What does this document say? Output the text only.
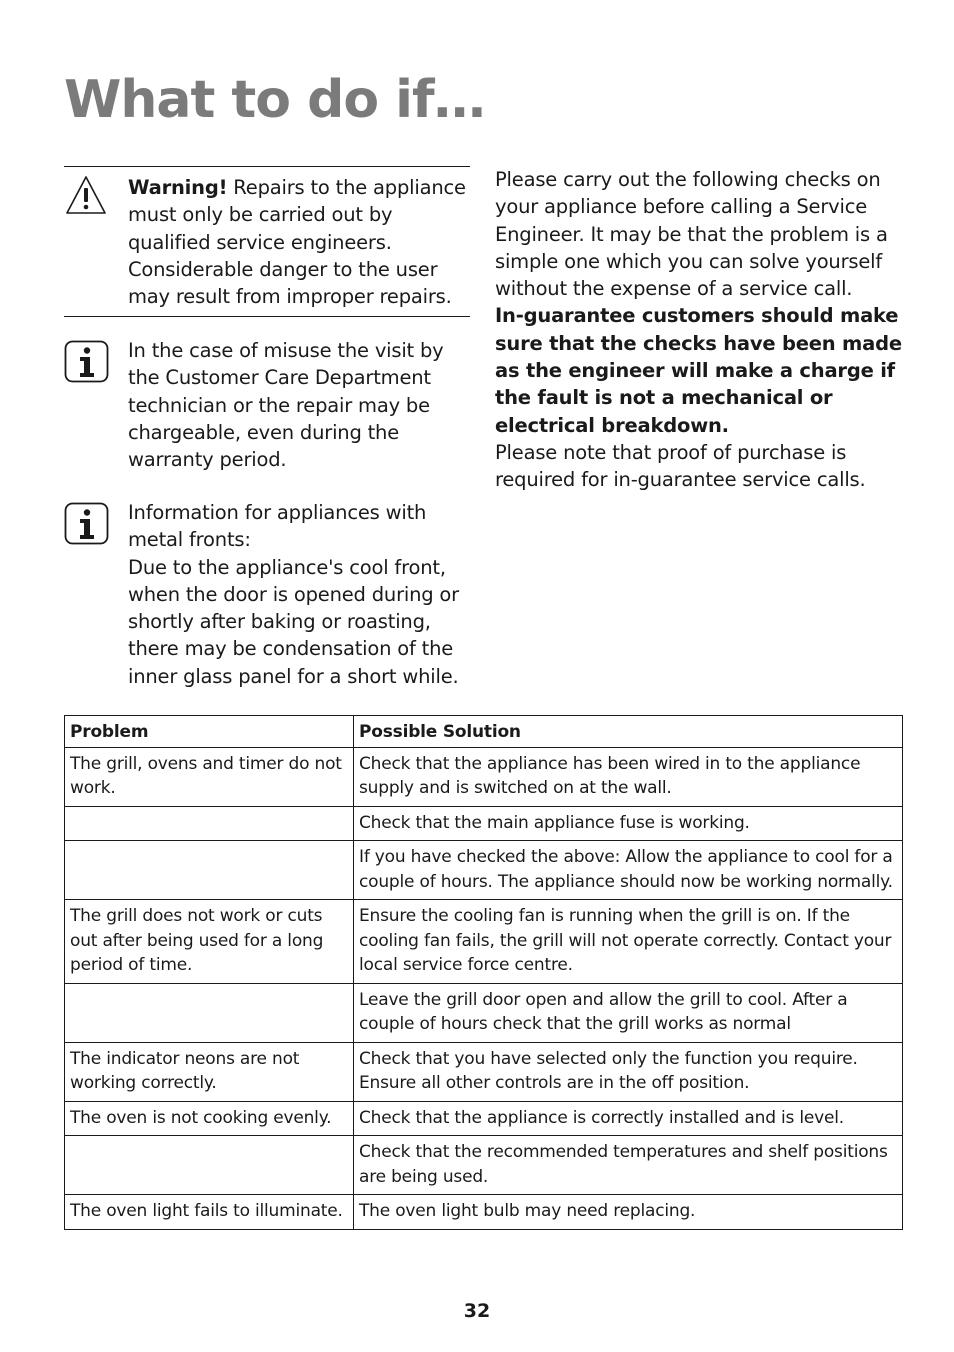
What to do if…
Warning! Repairs to the appliance must only be carried out by qualified service engineers. Considerable danger to the user may result from improper repairs.
In the case of misuse the visit by the Customer Care Department technician or the repair may be chargeable, even during the warranty period.
Information for appliances with metal fronts:
Due to the appliance's cool front, when the door is opened during or shortly after baking or roasting, there may be condensation of the inner glass panel for a short while.

Please carry out the following checks on your appliance before calling a Service Engineer. It may be that the problem is a simple one which you can solve yourself without the expense of a service call.

In-guarantee customers should make sure that the checks have been made as the engineer will make a charge if the fault is not a mechanical or electrical breakdown.

Please note that proof of purchase is required for in-guarantee service calls.

Problem	Possible Solution
The grill, ovens and timer do not work.	Check that the appliance has been wired in to the appliance supply and is switched on at the wall.
	Check that the main appliance fuse is working.
	If you have checked the above: Allow the appliance to cool for a couple of hours. The appliance should now be working normally.
The grill does not work or cuts out after being used for a long period of time.	Ensure the cooling fan is running when the grill is on. If the cooling fan fails, the grill will not operate correctly. Contact your local service force centre.
	Leave the grill door open and allow the grill to cool. After a couple of hours check that the grill works as normal
The indicator neons are not working correctly.	Check that you have selected only the function you require. Ensure all other controls are in the off position.
The oven is not cooking evenly.	Check that the appliance is correctly installed and is level.
	Check that the recommended temperatures and shelf positions are being used.
The oven light fails to illuminate.	The oven light bulb may need replacing.
32
